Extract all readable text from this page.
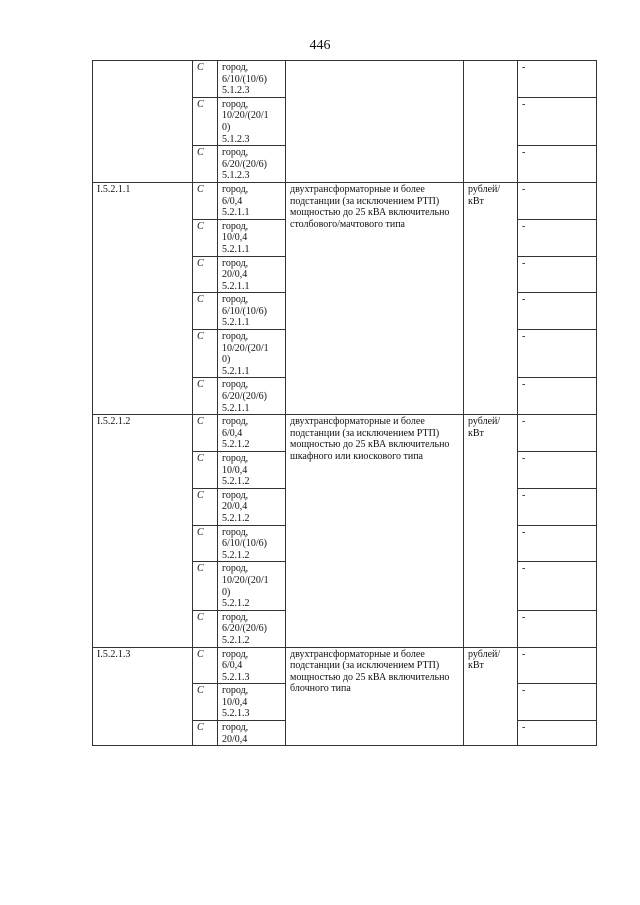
446
	С	город,
6/10/(10/6)
5.1.2.3			-
	С	город,
10/20/(20/1
0)
5.1.2.3			-
	С	город,
6/20/(20/6)
5.1.2.3			-
I.5.2.1.1	С	город,
6/0,4
5.2.1.1	двухтрансформаторные и более подстанции (за исключением РТП) мощностью до 25 кВА включительно столбового/мачтового типа	рублей/ кВт	-
	С	город,
10/0,4
5.2.1.1			-
	С	город,
20/0,4
5.2.1.1			-
	С	город,
6/10/(10/6)
5.2.1.1			-
	С	город,
10/20/(20/1
0)
5.2.1.1			-
	С	город,
6/20/(20/6)
5.2.1.1			-
I.5.2.1.2	С	город,
6/0,4
5.2.1.2	двухтрансформаторные и более подстанции (за исключением РТП) мощностью до 25 кВА включительно шкафного или киоскового типа	рублей/ кВт	-
	С	город,
10/0,4
5.2.1.2			-
	С	город,
20/0,4
5.2.1.2			-
	С	город,
6/10/(10/6)
5.2.1.2			-
	С	город,
10/20/(20/1
0)
5.2.1.2			-
	С	город,
6/20/(20/6)
5.2.1.2			-
I.5.2.1.3	С	город,
6/0,4
5.2.1.3	двухтрансформаторные и более подстанции (за исключением РТП) мощностью до 25 кВА включительно блочного типа	рублей/ кВт	-
	С	город,
10/0,4
5.2.1.3			-
	С	город,
20/0,4			-
